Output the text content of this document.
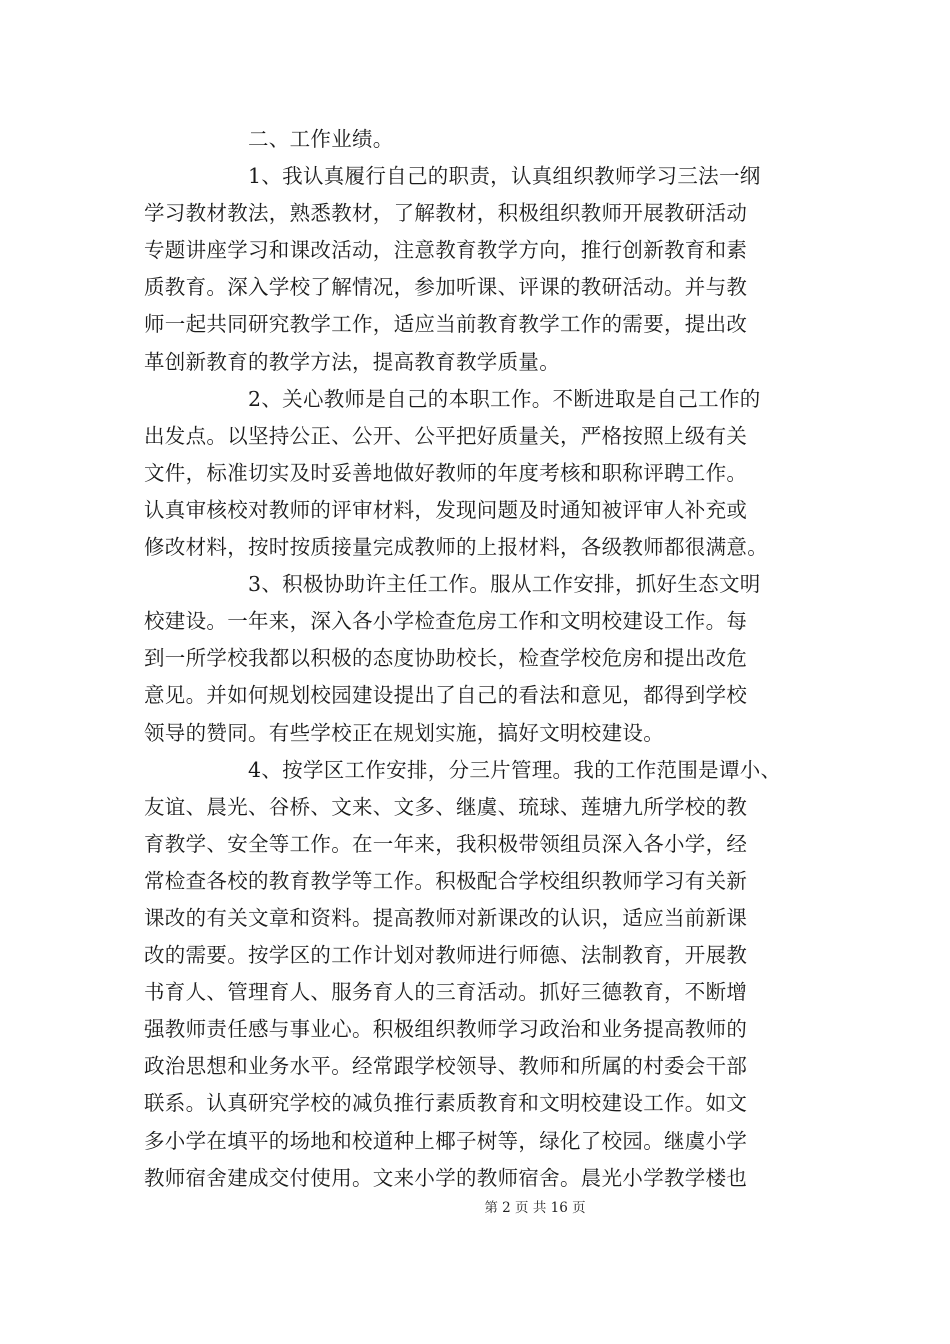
二、工作业绩。
1、我认真履行自己的职责，认真组织教师学习三法一纲
学习教材教法，熟悉教材，了解教材，积极组织教师开展教研活动
专题讲座学习和课改活动，注意教育教学方向，推行创新教育和素
质教育。深入学校了解情况，参加听课、评课的教研活动。并与教
师一起共同研究教学工作，适应当前教育教学工作的需要，提出改
革创新教育的教学方法，提高教育教学质量。
2、关心教师是自己的本职工作。不断进取是自己工作的
出发点。以坚持公正、公开、公平把好质量关，严格按照上级有关
文件，标准切实及时妥善地做好教师的年度考核和职称评聘工作。
认真审核校对教师的评审材料，发现问题及时通知被评审人补充或
修改材料，按时按质接量完成教师的上报材料，各级教师都很满意。
3、积极协助许主任工作。服从工作安排，抓好生态文明
校建设。一年来，深入各小学检查危房工作和文明校建设工作。每
到一所学校我都以积极的态度协助校长，检查学校危房和提出改危
意见。并如何规划校园建设提出了自己的看法和意见，都得到学校
领导的赞同。有些学校正在规划实施，搞好文明校建设。
4、按学区工作安排，分三片管理。我的工作范围是谭小、
友谊、晨光、谷桥、文来、文多、继虞、琉球、莲塘九所学校的教
育教学、安全等工作。在一年来，我积极带领组员深入各小学，经
常检查各校的教育教学等工作。积极配合学校组织教师学习有关新
课改的有关文章和资料。提高教师对新课改的认识，适应当前新课
改的需要。按学区的工作计划对教师进行师德、法制教育，开展教
书育人、管理育人、服务育人的三育活动。抓好三德教育，不断增
强教师责任感与事业心。积极组织教师学习政治和业务提高教师的
政治思想和业务水平。经常跟学校领导、教师和所属的村委会干部
联系。认真研究学校的减负推行素质教育和文明校建设工作。如文
多小学在填平的场地和校道种上椰子树等，绿化了校园。继虞小学
教师宿舍建成交付使用。文来小学的教师宿舍。晨光小学教学楼也
第 2 页 共 16 页
